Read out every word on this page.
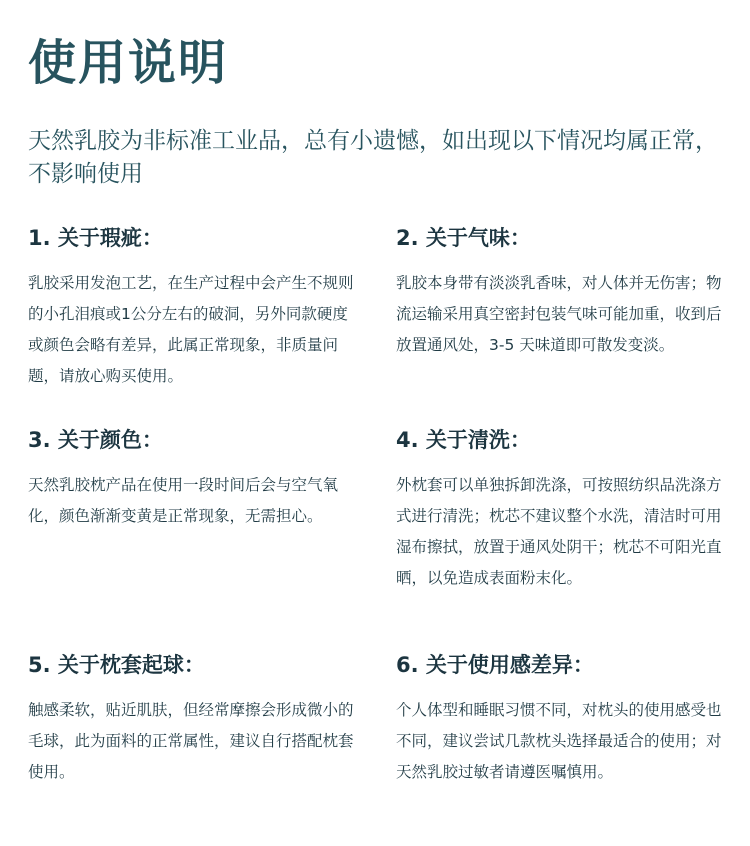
使用说明

天然乳胶为非标准工业品，总有小遗憾，如出现以下情况均属正常，不影响使用

1. 关于瑕疵：

乳胶采用发泡工艺，在生产过程中会产生不规则的小孔泪痕或1公分左右的破洞，另外同款硬度或颜色会略有差异，此属正常现象，非质量问题，请放心购买使用。

2. 关于气味：

乳胶本身带有淡淡乳香味，对人体并无伤害；物流运输采用真空密封包装气味可能加重，收到后放置通风处，3-5 天味道即可散发变淡。

3. 关于颜色：

天然乳胶枕产品在使用一段时间后会与空气氧化，颜色渐渐变黄是正常现象，无需担心。

4. 关于清洗：

外枕套可以单独拆卸洗涤，可按照纺织品洗涤方式进行清洗；枕芯不建议整个水洗，清洁时可用湿布擦拭，放置于通风处阴干；枕芯不可阳光直晒，以免造成表面粉末化。

5. 关于枕套起球：

触感柔软，贴近肌肤，但经常摩擦会形成微小的毛球，此为面料的正常属性，建议自行搭配枕套使用。

6. 关于使用感差异：

个人体型和睡眠习惯不同，对枕头的使用感受也不同，建议尝试几款枕头选择最适合的使用；对天然乳胶过敏者请遵医嘱慎用。
